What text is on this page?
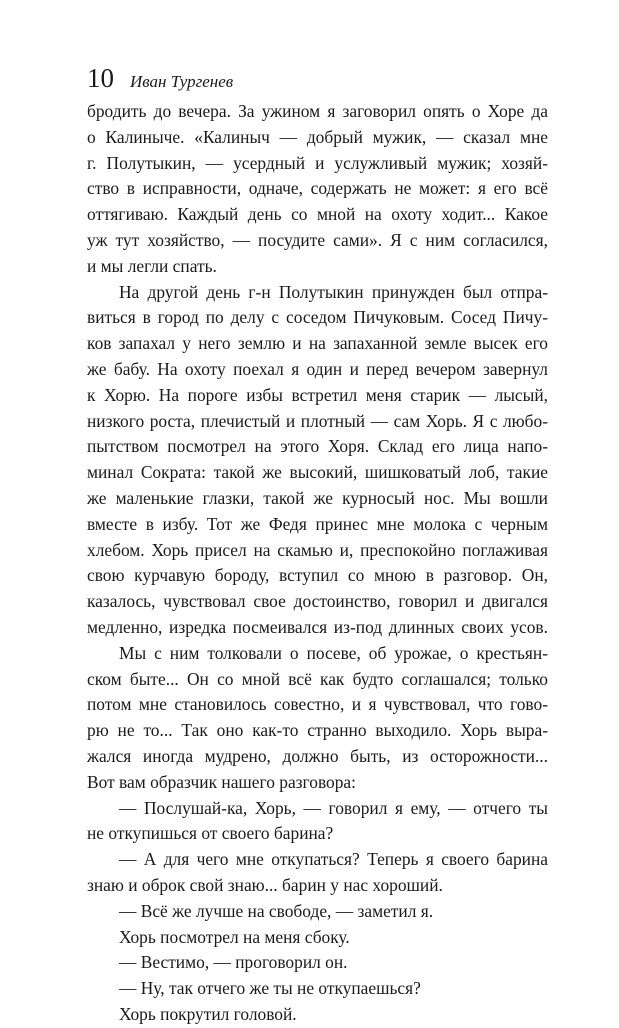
10 Иван Тургенев
бродить до вечера. За ужином я заговорил опять о Хоре да
о Калиныче. «Калиныч — добрый мужик, — сказал мне
г. Полутыкин, — усердный и услужливый мужик; хозяй-
ство в исправности, одначе, содержать не может: я его всё
оттягиваю. Каждый день со мной на охоту ходит... Какое
уж тут хозяйство, — посудите сами». Я с ним согласился,
и мы легли спать.
На другой день г-н Полутыкин принужден был отпра-
виться в город по делу с соседом Пичуковым. Сосед Пичу-
ков запахал у него землю и на запаханной земле высек его
же бабу. На охоту поехал я один и перед вечером завернул
к Хорю. На пороге избы встретил меня старик — лысый,
низкого роста, плечистый и плотный — сам Хорь. Я с любо-
пытством посмотрел на этого Хоря. Склад его лица напо-
минал Сократа: такой же высокий, шишковатый лоб, такие
же маленькие глазки, такой же курносый нос. Мы вошли
вместе в избу. Тот же Федя принес мне молока с черным
хлебом. Хорь присел на скамью и, преспокойно поглаживая
свою курчавую бороду, вступил со мною в разговор. Он,
казалось, чувствовал свое достоинство, говорил и двигался
медленно, изредка посмеивался из-под длинных своих усов.
Мы с ним толковали о посеве, об урожае, о крестьян-
ском быте... Он со мной всё как будто соглашался; только
потом мне становилось совестно, и я чувствовал, что гово-
рю не то... Так оно как-то странно выходило. Хорь выра-
жался иногда мудрено, должно быть, из осторожности...
Вот вам образчик нашего разговора:
— Послушай-ка, Хорь, — говорил я ему, — отчего ты
не откупишься от своего барина?
— А для чего мне откупаться? Теперь я своего барина
знаю и оброк свой знаю... барин у нас хороший.
— Всё же лучше на свободе, — заметил я.
Хорь посмотрел на меня сбоку.
— Вестимо, — проговорил он.
— Ну, так отчего же ты не откупаешься?
Хорь покрутил головой.
